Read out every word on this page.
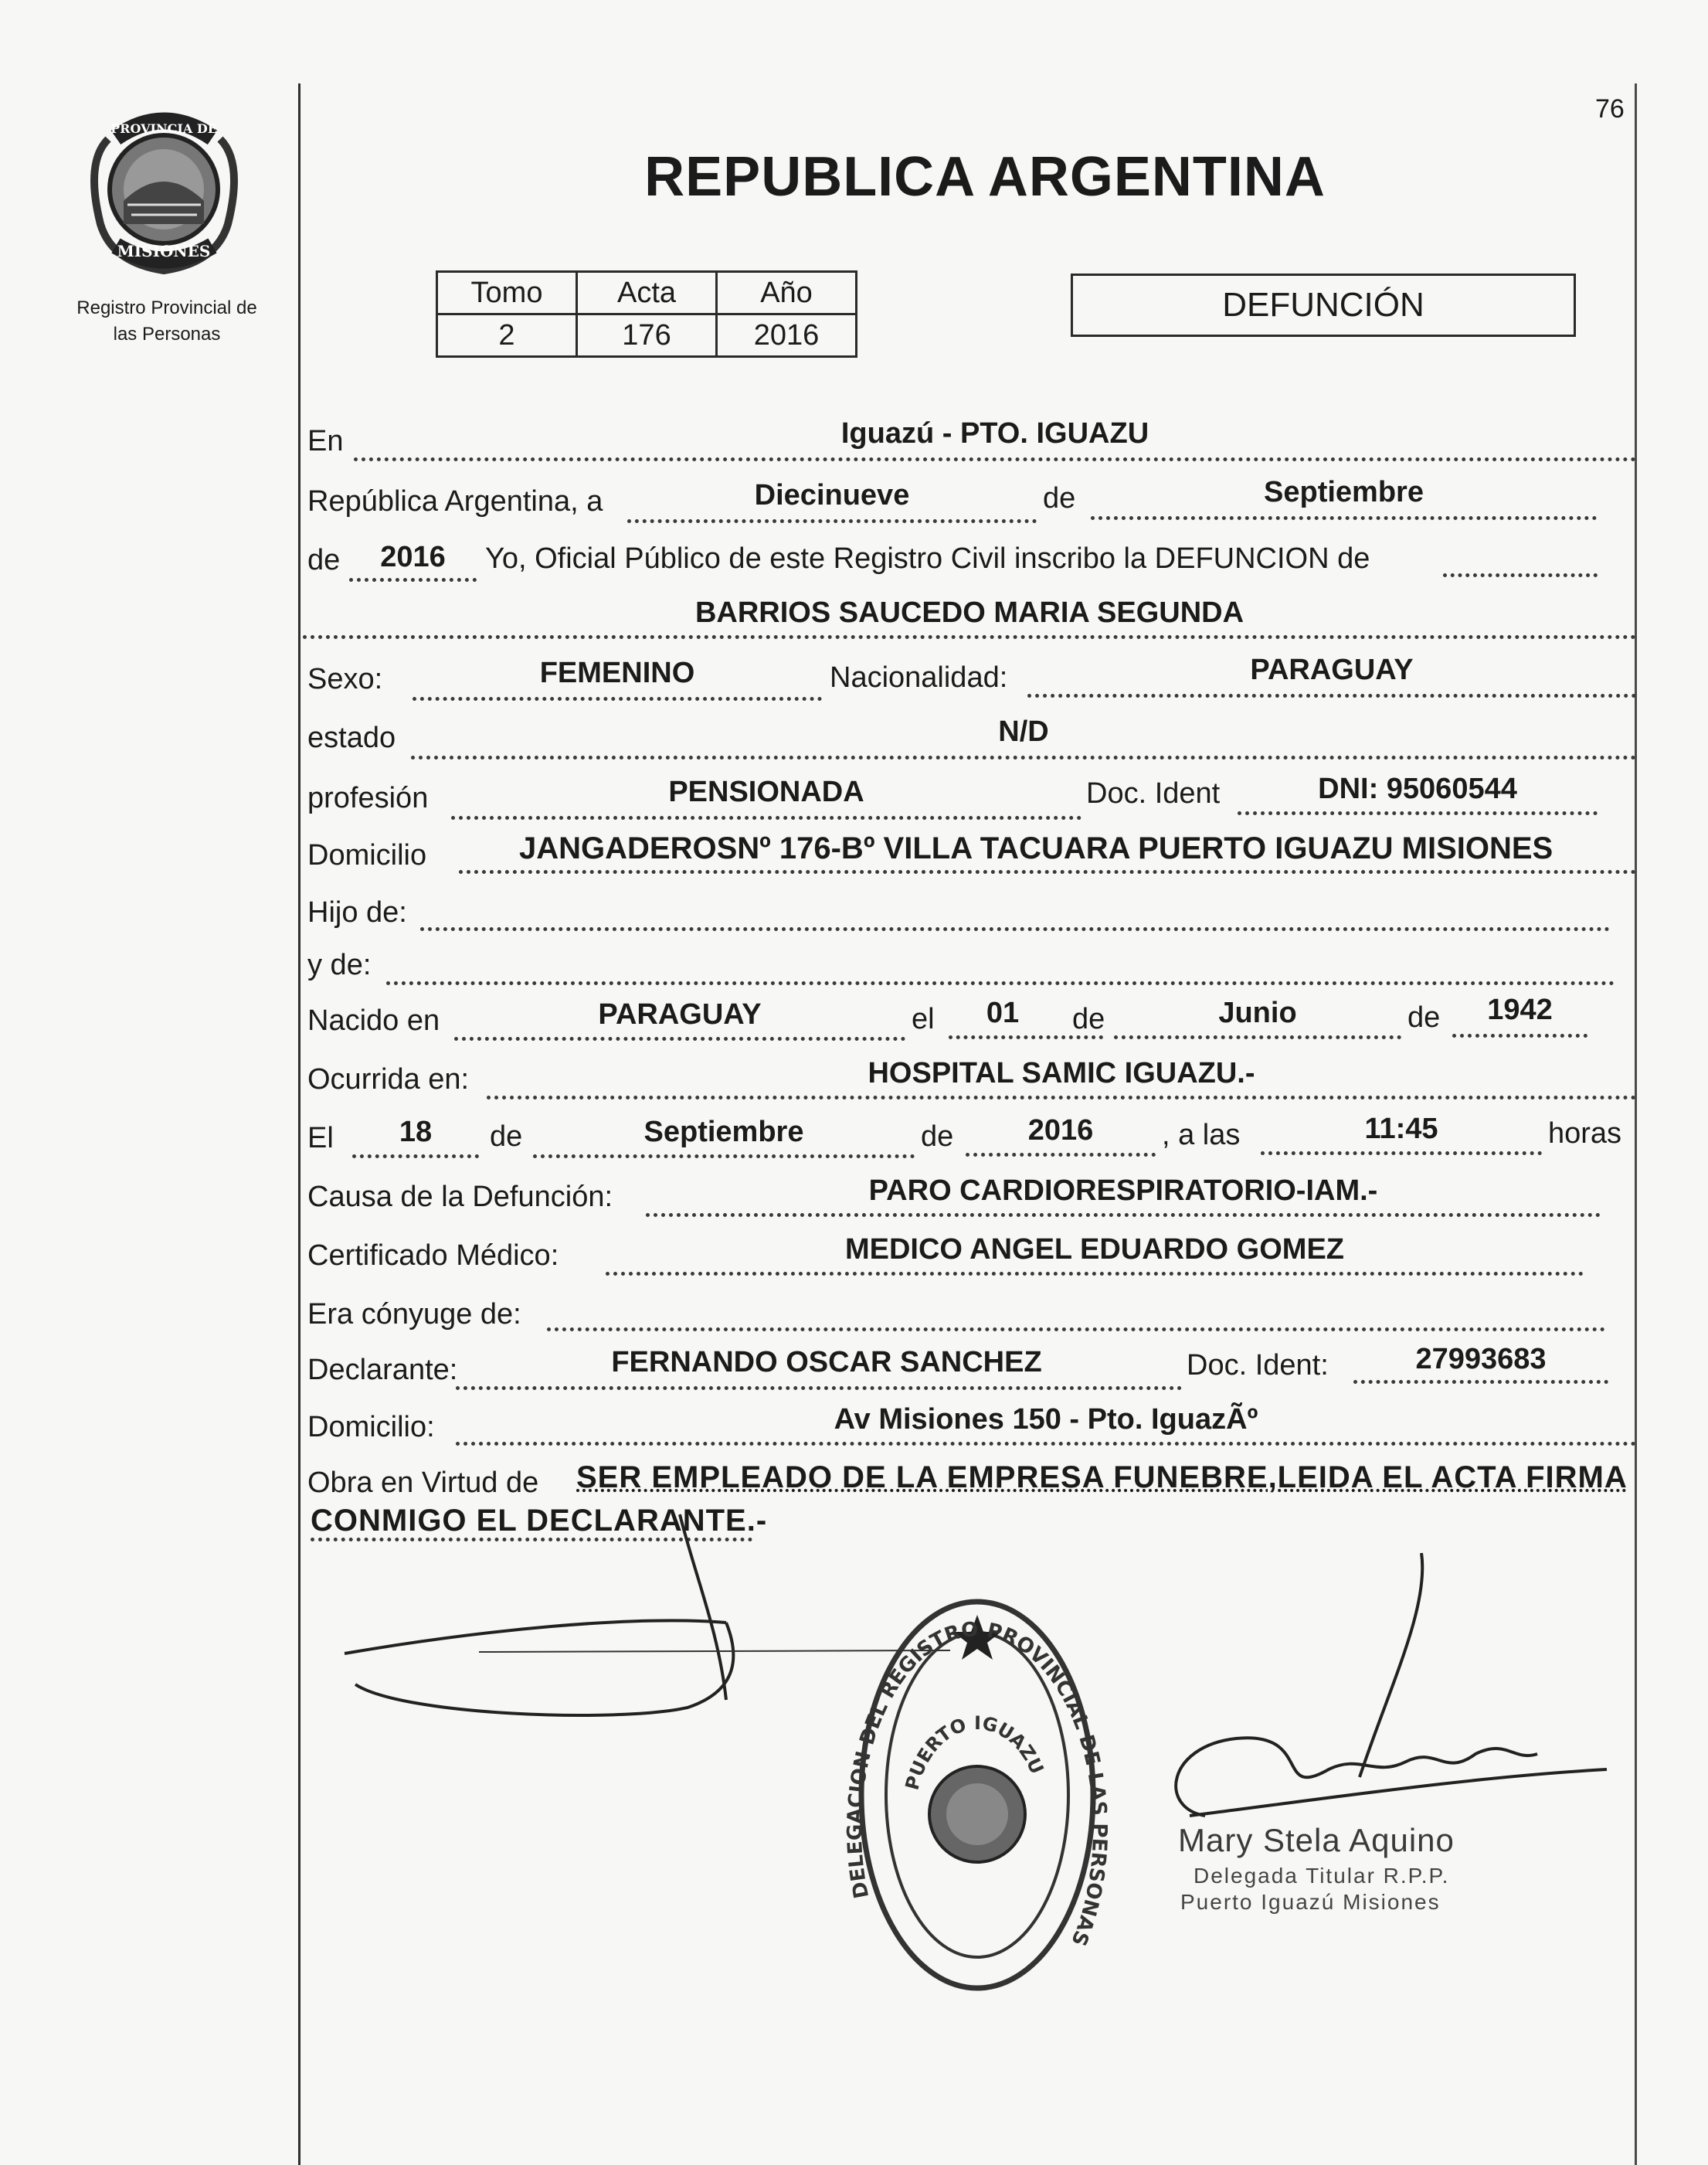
76
PROVINCIA DE
MISIONES
Registro Provincial de
las Personas
REPUBLICA ARGENTINA
Tomo	Acta	Año
2	176	2016
DEFUNCIÓN
En	Iguazú - PTO. IGUAZU
República Argentina, a	Diecinueve	de	Septiembre
de	2016	Yo, Oficial Público de este Registro Civil inscribo la DEFUNCION de
BARRIOS SAUCEDO MARIA SEGUNDA
Sexo:	FEMENINO	Nacionalidad:	PARAGUAY
estado	N/D
profesión	PENSIONADA	Doc. Ident	DNI: 95060544
Domicilio	JANGADEROSNº 176-Bº VILLA TACUARA PUERTO IGUAZU MISIONES
Hijo de:
y de:
Nacido en	PARAGUAY	el	01	de	Junio	de	1942
Ocurrida en:	HOSPITAL SAMIC IGUAZU.-
El	18	de	Septiembre	de	2016	, a las	11:45	horas
Causa de la Defunción:	PARO CARDIORESPIRATORIO-IAM.-
Certificado Médico:	MEDICO ANGEL EDUARDO GOMEZ
Era cónyuge de:
Declarante:	FERNANDO OSCAR SANCHEZ	Doc. Ident:	27993683
Domicilio:	Av Misiones 150 - Pto. IguazÃº
Obra en Virtud de SER EMPLEADO DE LA EMPRESA FUNEBRE,LEIDA EL ACTA FIRMA
CONMIGO EL DECLARANTE.-
DELEGACION DEL REGISTRO PROVINCIAL DE LAS PERSONAS
PUERTO IGUAZU
Mary Stela Aquino
Delegada Titular R.P.P.
Puerto Iguazú Misiones
